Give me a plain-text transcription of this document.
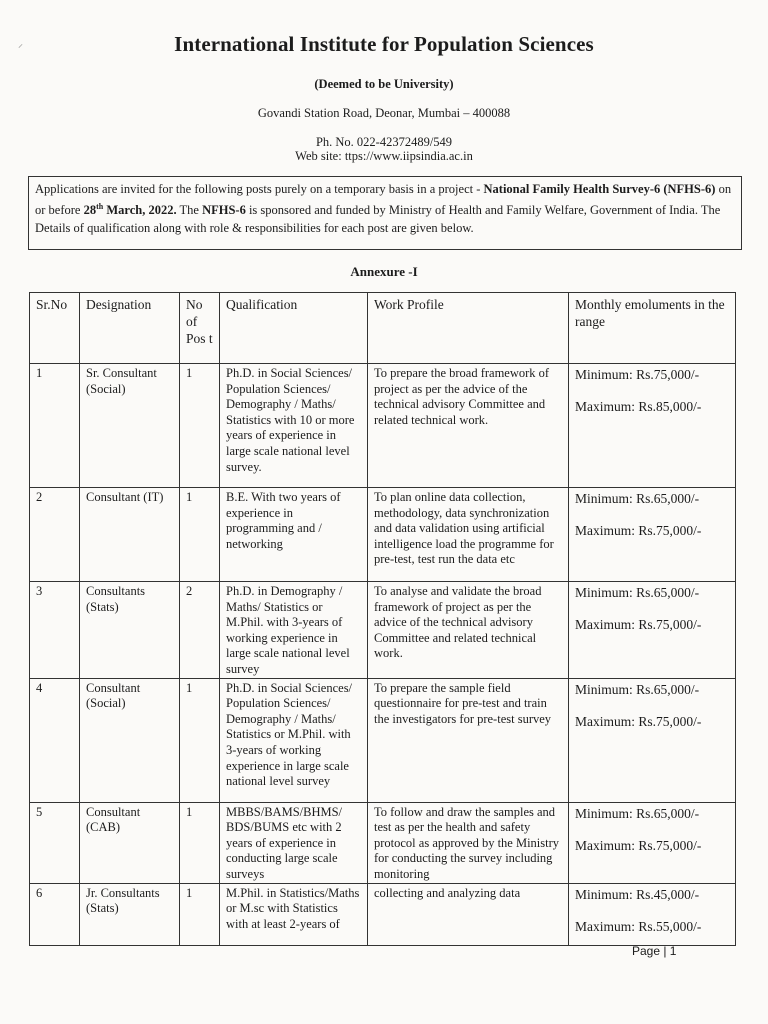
⸝	International Institute for Population Sciences
(Deemed to be University)
Govandi Station Road, Deonar, Mumbai – 400088
Ph. No. 022-42372489/549
Web site: ttps://www.iipsindia.ac.in
Applications are invited for the following posts purely on a temporary basis in a project - National Family Health Survey-6 (NFHS-6) on or before 28th March, 2022. The NFHS-6 is sponsored and funded by Ministry of Health and Family Welfare, Government of India. The Details of qualification along with role & responsibilities for each post are given below.
Annexure -I
Sr.No	Designation	No of Pos t	Qualification	Work Profile	Monthly emoluments in the range
1	Sr. Consultant (Social)	1	Ph.D. in Social Sciences/ Population Sciences/ Demography / Maths/ Statistics with 10 or more years of experience in large scale national level survey.	To prepare the broad framework of project as per the advice of the technical advisory Committee and related technical work.	Minimum: Rs.75,000/-
Maximum: Rs.85,000/-

2	Consultant (IT)	1	B.E. With two years of experience in programming and / networking	To plan online data collection, methodology, data synchronization and data validation using artificial intelligence load the programme for pre-test, test run the data etc	Minimum: Rs.65,000/-
Maximum: Rs.75,000/-

3	Consultants (Stats)	2	Ph.D. in Demography / Maths/ Statistics or M.Phil. with 3-years of working experience in large scale national level survey	To analyse and validate the broad framework of project as per the advice of the technical advisory Committee and related technical work.	Minimum: Rs.65,000/-
Maximum: Rs.75,000/-

4	Consultant (Social)	1	Ph.D. in Social Sciences/ Population Sciences/ Demography / Maths/ Statistics or M.Phil. with 3-years of working experience in large scale national level survey	To prepare the sample field questionnaire for pre-test and train the investigators for pre-test survey	Minimum: Rs.65,000/-
Maximum: Rs.75,000/-

5	Consultant (CAB)	1	MBBS/BAMS/BHMS/ BDS/BUMS etc with 2 years of experience in conducting large scale surveys	To follow and draw the samples and test as per the health and safety protocol as approved by the Ministry for conducting the survey including monitoring	Minimum: Rs.65,000/-
Maximum: Rs.75,000/-

6	Jr. Consultants (Stats)	1	M.Phil. in Statistics/Maths or M.sc with Statistics with at least 2-years of	collecting and analyzing data	Minimum: Rs.45,000/-
Maximum: Rs.55,000/-
Page | 1
